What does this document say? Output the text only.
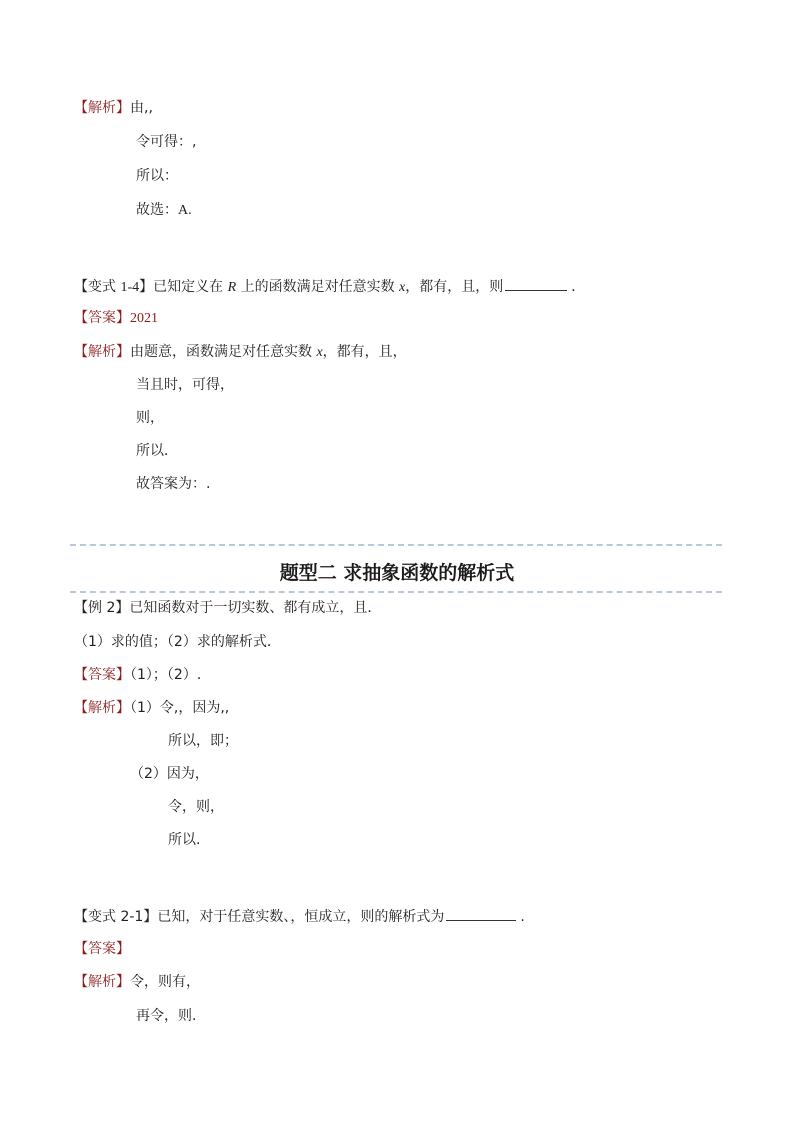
【解析】由,,
令可得：,
所以：
故选：A.
【变式 1-4】已知定义在 R 上的函数满足对任意实数 x，都有，且，则	．
【答案】2021
【解析】由题意，函数满足对任意实数 x，都有，且，
当且时，可得，
则，
所以．
故答案为：.
题型二 求抽象函数的解析式
【例 2】已知函数对于一切实数、都有成立，且．
（1）求的值；（2）求的解析式．
【答案】（1）；（2）.
【解析】（1）令,，因为,,
所以，即；
（2）因为，
令，则，
所以.
【变式 2-1】已知，对于任意实数、，恒成立，则的解析式为	.
【答案】
【解析】令，则有，
再令，则.
